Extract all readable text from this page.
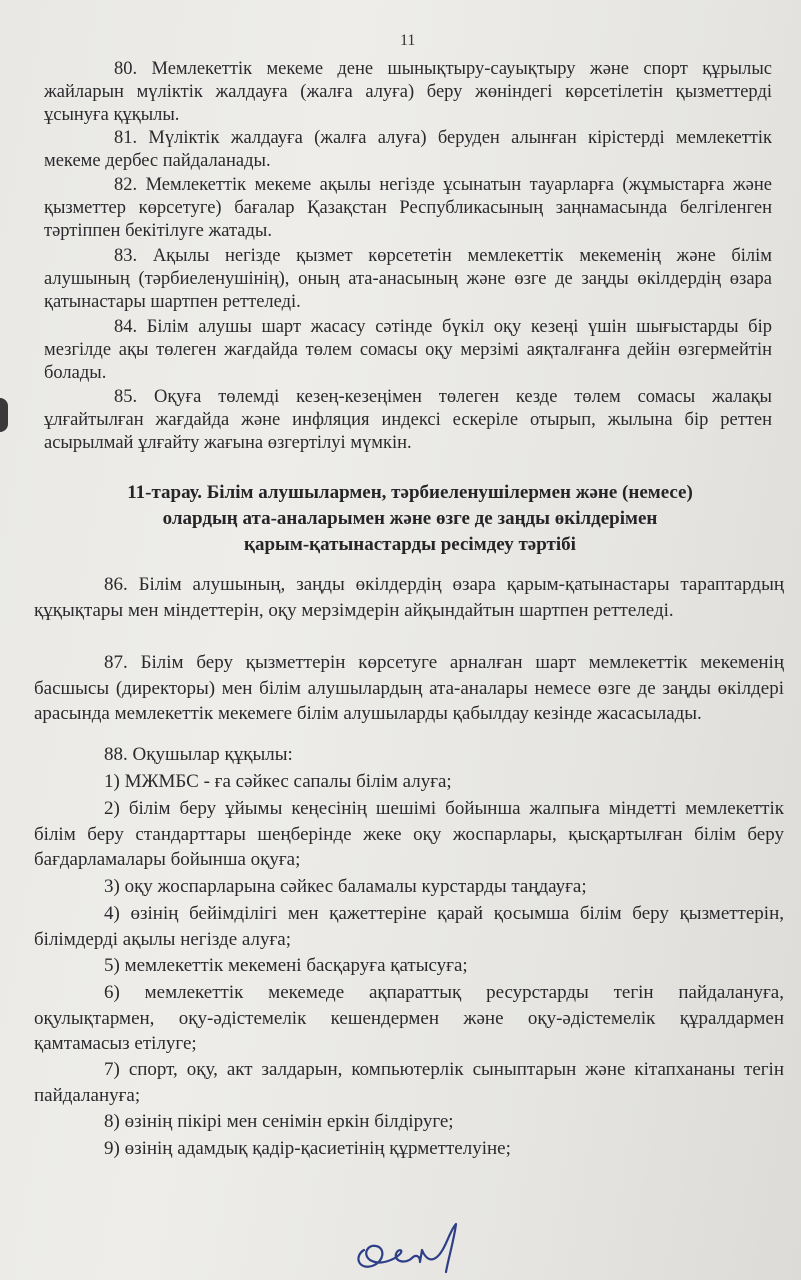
11

80. Мемлекеттік мекеме дене шынықтыру-сауықтыру және спорт құрылыс жайларын мүліктік жалдауға (жалға алуға) беру жөніндегі көрсетілетін қызметтерді ұсынуға құқылы.

81. Мүліктік жалдауға (жалға алуға) беруден алынған кірістерді мемлекеттік мекеме дербес пайдаланады.

82. Мемлекеттік мекеме ақылы негізде ұсынатын тауарларға (жұмыстарға және қызметтер көрсетуге) бағалар Қазақстан Республикасының заңнамасында белгіленген тәртіппен бекітілуге жатады.

83. Ақылы негізде қызмет көрсететін мемлекеттік мекеменің және білім алушының (тәрбиеленушінің), оның ата-анасының және өзге де заңды өкілдердің өзара қатынастары шартпен реттеледі.

84. Білім алушы шарт жасасу сәтінде бүкіл оқу кезеңі үшін шығыстарды бір мезгілде ақы төлеген жағдайда төлем сомасы оқу мерзімі аяқталғанға дейін өзгермейтін болады.

85. Оқуға төлемді кезең-кезеңімен төлеген кезде төлем сомасы жалақы ұлғайтылған жағдайда және инфляция индексі ескеріле отырып, жылына бір реттен асырылмай ұлғайту жағына өзгертілуі мүмкін.

11-тарау. Білім алушылармен, тәрбиеленушілермен және (немесе)
олардың ата-аналарымен және өзге де заңды өкілдерімен
қарым-қатынастарды ресімдеу тәртібі

86. Білім алушының, заңды өкілдердің өзара қарым-қатынастары тараптардың құқықтары мен міндеттерін, оқу мерзімдерін айқындайтын шартпен реттеледі.

87. Білім беру қызметтерін көрсетуге арналған шарт мемлекеттік мекеменің басшысы (директоры) мен білім алушылардың ата-аналары немесе өзге де заңды өкілдері арасында мемлекеттік мекемеге білім алушыларды қабылдау кезінде жасасылады.

88. Оқушылар құқылы:

1) МЖМБС - ға сәйкес сапалы білім алуға;

2) білім беру ұйымы кеңесінің шешімі бойынша жалпыға міндетті мемлекеттік білім беру стандарттары шеңберінде жеке оқу жоспарлары, қысқартылған білім беру бағдарламалары бойынша оқуға;

3) оқу жоспарларына сәйкес баламалы курстарды таңдауға;

4) өзінің бейімділігі мен қажеттеріне қарай қосымша білім беру қызметтерін, білімдерді ақылы негізде алуға;

5) мемлекеттік мекемені басқаруға қатысуға;

6) мемлекеттік мекемеде ақпараттық ресурстарды тегін пайдалануға, оқулықтармен, оқу-әдістемелік кешендермен және оқу-әдістемелік құралдармен қамтамасыз етілуге;

7) спорт, оқу, акт залдарын, компьютерлік сыныптарын және кітапхананы тегін пайдалануға;

8) өзінің пікірі мен сенімін еркін білдіруге;

9) өзінің адамдық қадір-қасиетінің құрметтелуіне;
